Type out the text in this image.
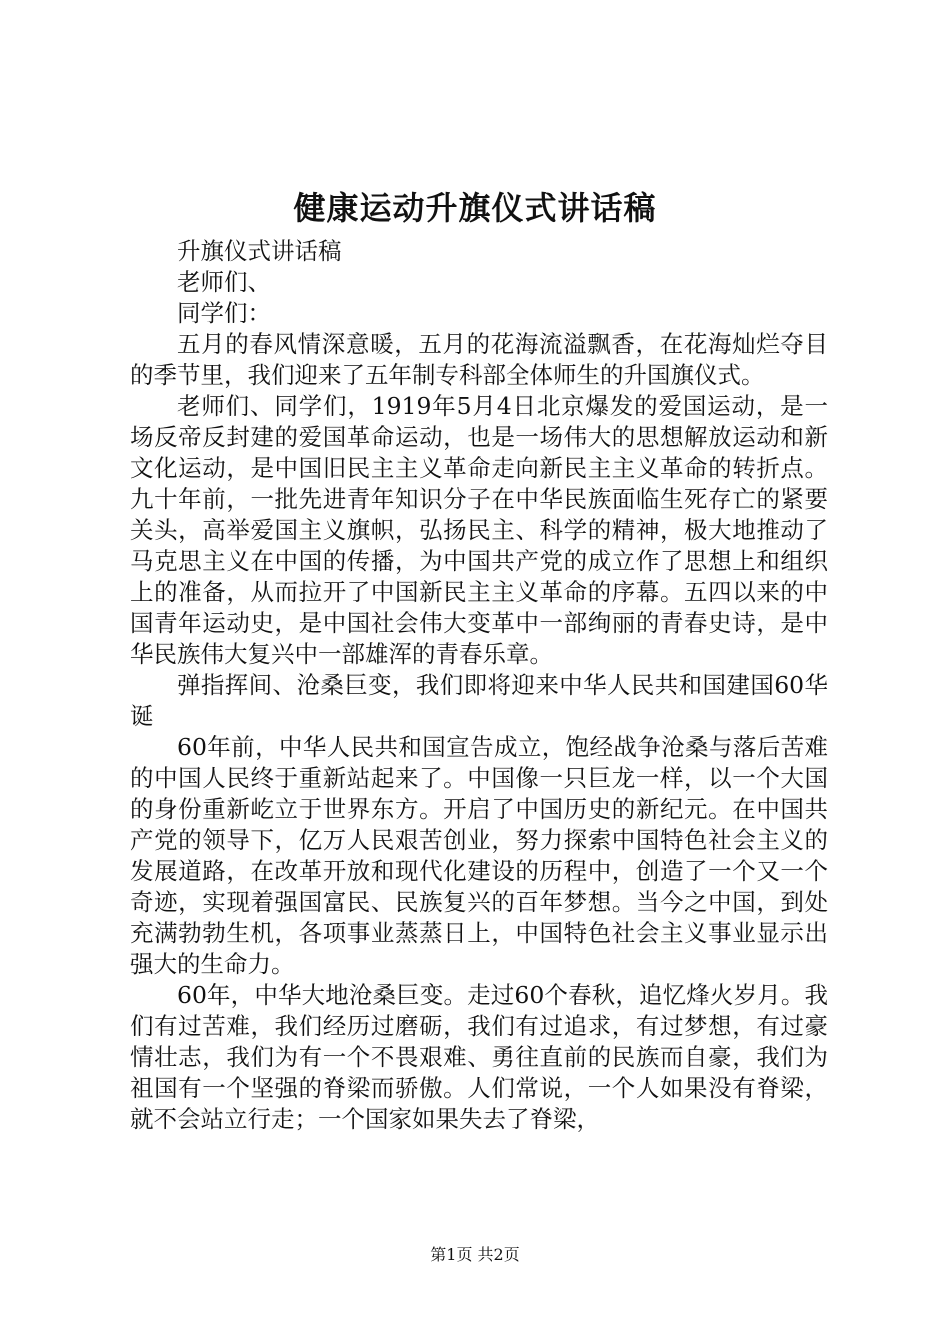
健康运动升旗仪式讲话稿

升旗仪式讲话稿

老师们、

同学们：

五月的春风情深意暖，五月的花海流溢飘香，在花海灿烂夺目的季节里，我们迎来了五年制专科部全体师生的升国旗仪式。

老师们、同学们，1919年5月4日北京爆发的爱国运动，是一场反帝反封建的爱国革命运动，也是一场伟大的思想解放运动和新文化运动，是中国旧民主主义革命走向新民主主义革命的转折点。九十年前，一批先进青年知识分子在中华民族面临生死存亡的紧要关头，高举爱国主义旗帜，弘扬民主、科学的精神，极大地推动了马克思主义在中国的传播，为中国共产党的成立作了思想上和组织上的准备，从而拉开了中国新民主主义革命的序幕。五四以来的中国青年运动史，是中国社会伟大变革中一部绚丽的青春史诗，是中华民族伟大复兴中一部雄浑的青春乐章。

弹指挥间、沧桑巨变，我们即将迎来中华人民共和国建国60华诞

60年前，中华人民共和国宣告成立，饱经战争沧桑与落后苦难的中国人民终于重新站起来了。中国像一只巨龙一样，以一个大国的身份重新屹立于世界东方。开启了中国历史的新纪元。在中国共产党的领导下，亿万人民艰苦创业，努力探索中国特色社会主义的发展道路，在改革开放和现代化建设的历程中，创造了一个又一个奇迹，实现着强国富民、民族复兴的百年梦想。当今之中国，到处充满勃勃生机，各项事业蒸蒸日上，中国特色社会主义事业显示出强大的生命力。

60年，中华大地沧桑巨变。走过60个春秋，追忆烽火岁月。我们有过苦难，我们经历过磨砺，我们有过追求，有过梦想，有过豪情壮志，我们为有一个不畏艰难、勇往直前的民族而自豪，我们为祖国有一个坚强的脊梁而骄傲。人们常说，一个人如果没有脊梁，就不会站立行走；一个国家如果失去了脊梁，

第1页 共2页
